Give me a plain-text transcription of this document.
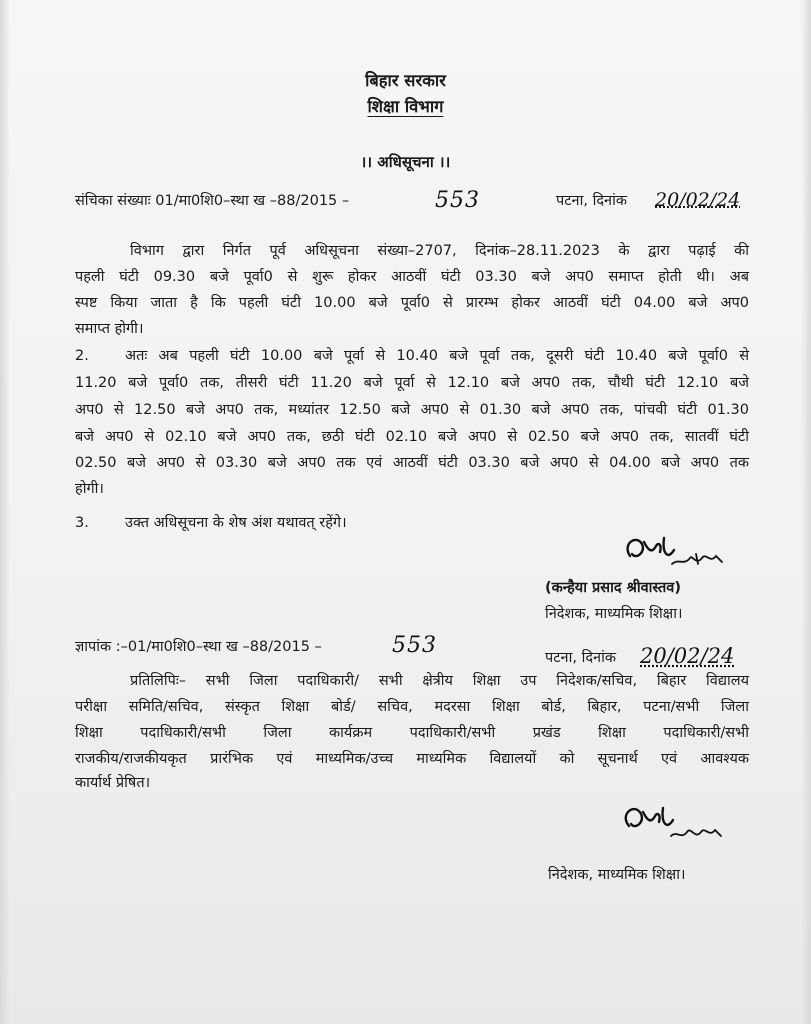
बिहार सरकार
शिक्षा विभाग
।। अधिसूचना ।।
संचिका संख्याः 01/मा0शि0–स्था ख –88/2015 –	553	पटना, दिनांक 20/02/24
विभाग द्वारा निर्गत पूर्व अधिसूचना संख्या–2707, दिनांक–28.11.2023 के द्वारा पढ़ाई की
पहली घंटी 09.30 बजे पूर्वा0 से शुरू होकर आठवीं घंटी 03.30 बजे अप0 समाप्त होती थी। अब
स्पष्ट किया जाता है कि पहली घंटी 10.00 बजे पूर्वा0 से प्रारम्भ होकर आठवीं घंटी 04.00 बजे अप0
समाप्त होगी।
2. अतः अब पहली घंटी 10.00 बजे पूर्वा से 10.40 बजे पूर्वा तक, दूसरी घंटी 10.40 बजे पूर्वा0 से
11.20 बजे पूर्वा0 तक, तीसरी घंटी 11.20 बजे पूर्वा से 12.10 बजे अप0 तक, चौथी घंटी 12.10 बजे
अप0 से 12.50 बजे अप0 तक, मध्यांतर 12.50 बजे अप0 से 01.30 बजे अप0 तक, पांचवी घंटी 01.30
बजे अप0 से 02.10 बजे अप0 तक, छठी घंटी 02.10 बजे अप0 से 02.50 बजे अप0 तक, सातवीं घंटी
02.50 बजे अप0 से 03.30 बजे अप0 तक एवं आठवीं घंटी 03.30 बजे अप0 से 04.00 बजे अप0 तक
होगी।
3. उक्त अधिसूचना के शेष अंश यथावत् रहेंगे।
(कन्हैया प्रसाद श्रीवास्तव)
निदेशक, माध्यमिक शिक्षा।
ज्ञापांक :–01/मा0शि0–स्था ख –88/2015 –	553	पटना, दिनांक 20/02/24
प्रतिलिपिः– सभी जिला पदाधिकारी/ सभी क्षेत्रीय शिक्षा उप निदेशक/सचिव, बिहार विद्यालय
परीक्षा समिति/सचिव, संस्कृत शिक्षा बोर्ड/ सचिव, मदरसा शिक्षा बोर्ड, बिहार, पटना/सभी जिला
शिक्षा पदाधिकारी/सभी जिला कार्यक्रम पदाधिकारी/सभी प्रखंड शिक्षा पदाधिकारी/सभी
राजकीय/राजकीयकृत प्रारंभिक एवं माध्यमिक/उच्च माध्यमिक विद्यालयों को सूचनार्थ एवं आवश्यक
कार्यार्थ प्रेषित।
निदेशक, माध्यमिक शिक्षा।
